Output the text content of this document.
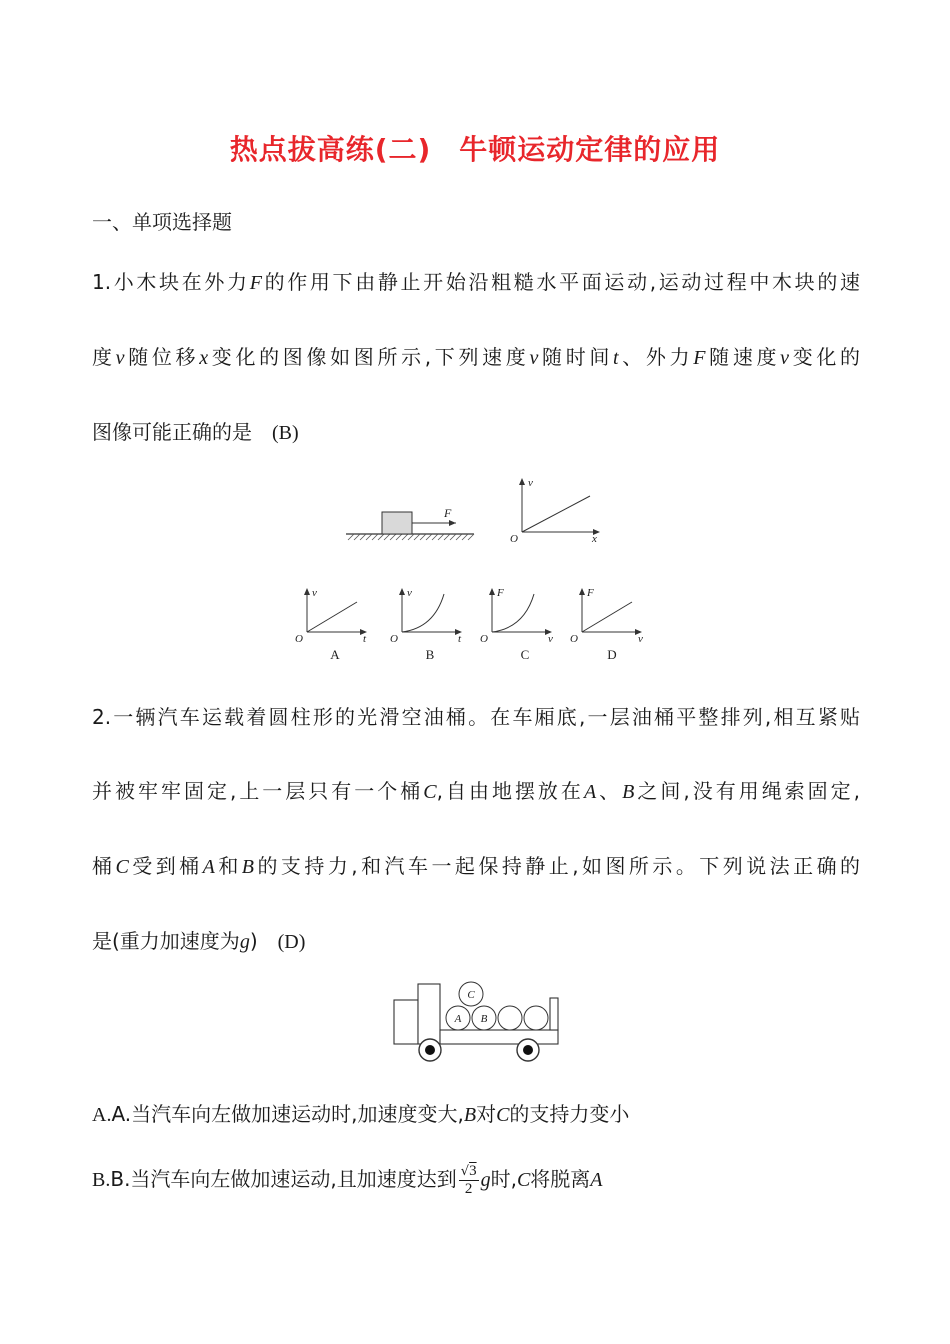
热点拔高练(二) 牛顿运动定律的应用
一、单项选择题
1.小木块在外力F的作用下由静止开始沿粗糙水平面运动,运动过程中木块的速
度v随位移x变化的图像如图所示,下列速度v随时间t、外力F随速度v变化的
图像可能正确的是 (B)
F
v
O	x
v
O	t
A
v
O	t
B
F
O	v
C
F
O	v
D
2.一辆汽车运载着圆柱形的光滑空油桶。在车厢底,一层油桶平整排列,相互紧贴
并被牢牢固定,上一层只有一个桶C,自由地摆放在A、B之间,没有用绳索固定,
桶C受到桶A和B的支持力,和汽车一起保持静止,如图所示。下列说法正确的
是(重力加速度为g) (D)
C
A B
A.A.当汽车向左做加速运动时,加速度变大,B对C的支持力变小
B.B.当汽车向左做加速运动,且加速度达到 $\frac{√3}{2}$ g时,C将脱离A
